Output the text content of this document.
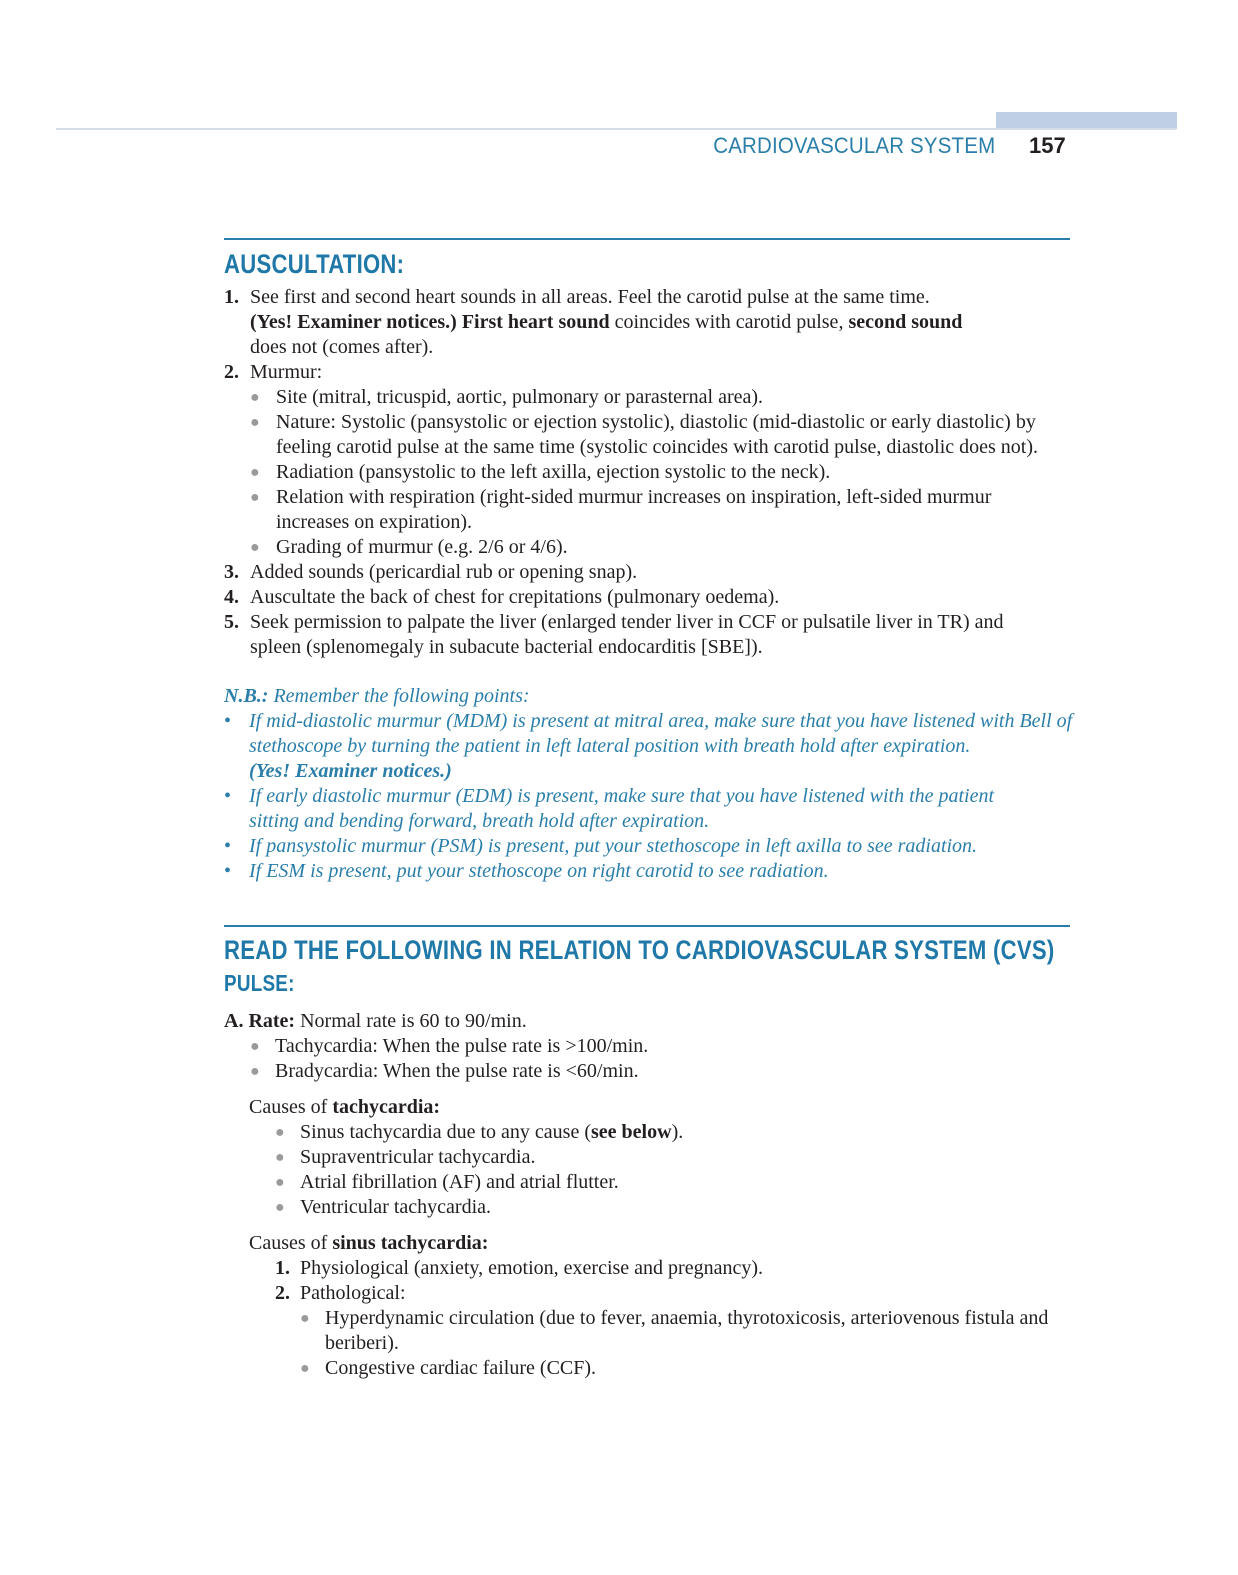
CARDIOVASCULAR SYSTEM 157
AUSCULTATION:
1. See first and second heart sounds in all areas. Feel the carotid pulse at the same time.
(Yes! Examiner notices.) First heart sound coincides with carotid pulse, second sound
does not (comes after).
2. Murmur:
● Site (mitral, tricuspid, aortic, pulmonary or parasternal area).
● Nature: Systolic (pansystolic or ejection systolic), diastolic (mid-diastolic or early diastolic) by feeling carotid pulse at the same time (systolic coincides with carotid pulse, diastolic does not).
● Radiation (pansystolic to the left axilla, ejection systolic to the neck).
● Relation with respiration (right-sided murmur increases on inspiration, left-sided murmur increases on expiration).
● Grading of murmur (e.g. 2/6 or 4/6).
3. Added sounds (pericardial rub or opening snap).
4. Auscultate the back of chest for crepitations (pulmonary oedema).
5. Seek permission to palpate the liver (enlarged tender liver in CCF or pulsatile liver in TR) and spleen (splenomegaly in subacute bacterial endocarditis [SBE]).
N.B.: Remember the following points:
• If mid-diastolic murmur (MDM) is present at mitral area, make sure that you have listened with Bell of stethoscope by turning the patient in left lateral position with breath hold after expiration.
(Yes! Examiner notices.)
• If early diastolic murmur (EDM) is present, make sure that you have listened with the patient sitting and bending forward, breath hold after expiration.
• If pansystolic murmur (PSM) is present, put your stethoscope in left axilla to see radiation.
• If ESM is present, put your stethoscope on right carotid to see radiation.
READ THE FOLLOWING IN RELATION TO CARDIOVASCULAR SYSTEM (CVS)
PULSE:
A. Rate: Normal rate is 60 to 90/min.
● Tachycardia: When the pulse rate is >100/min.
● Bradycardia: When the pulse rate is <60/min.
Causes of tachycardia:
● Sinus tachycardia due to any cause (see below).
● Supraventricular tachycardia.
● Atrial fibrillation (AF) and atrial flutter.
● Ventricular tachycardia.
Causes of sinus tachycardia:
1. Physiological (anxiety, emotion, exercise and pregnancy).
2. Pathological:
● Hyperdynamic circulation (due to fever, anaemia, thyrotoxicosis, arteriovenous fistula and beriberi).
● Congestive cardiac failure (CCF).
